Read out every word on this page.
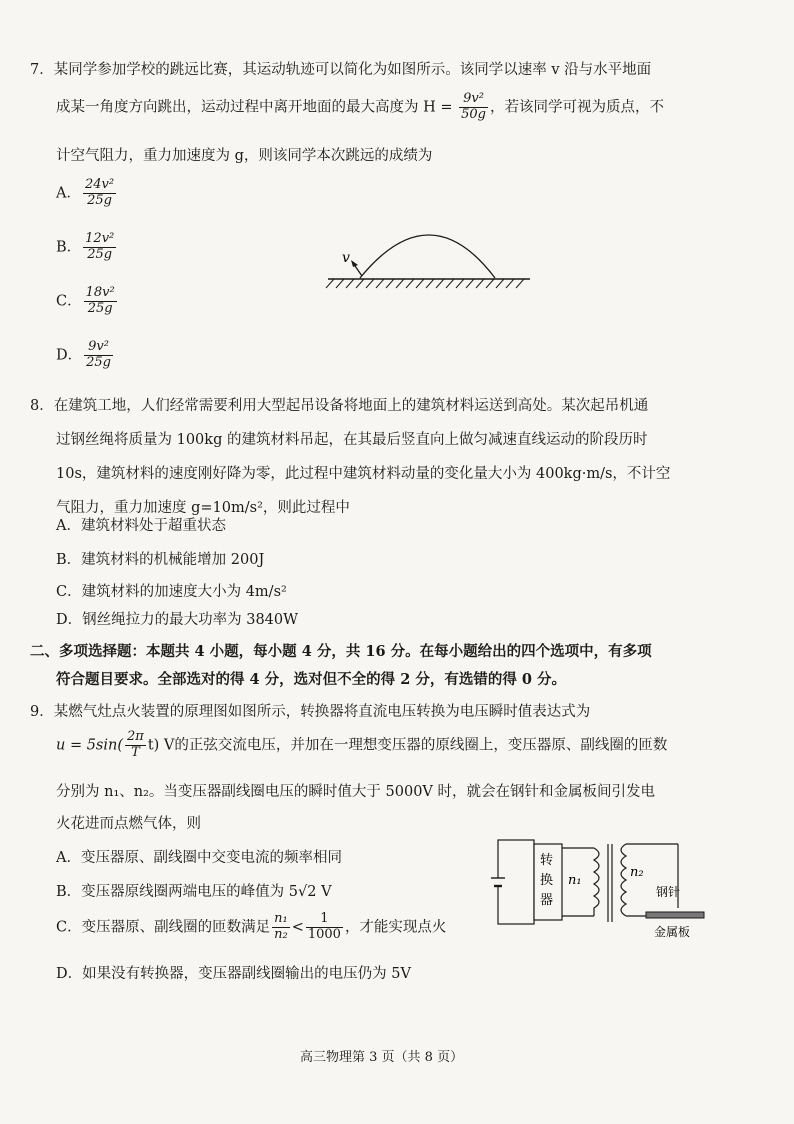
7．某同学参加学校的跳远比赛，其运动轨迹可以简化为如图所示。该同学以速率 v 沿与水平地面
成某一角度方向跳出，运动过程中离开地面的最大高度为 $H = \frac{\text{9v²}}{50g}$ ，若该同学可视为质点，不
计空气阻力，重力加速度为 g，则该同学本次跳远的成绩为
A． $\frac{\text{24v²}}{25g}$
B． $\frac{\text{12v²}}{25g}$
C． $\frac{\text{18v²}}{25g}$
D． $\frac{\text{9v²}}{25g}$
v
8．在建筑工地，人们经常需要利用大型起吊设备将地面上的建筑材料运送到高处。某次起吊机通
过钢丝绳将质量为 100kg 的建筑材料吊起，在其最后竖直向上做匀减速直线运动的阶段历时
10s，建筑材料的速度刚好降为零，此过程中建筑材料动量的变化量大小为 400kg·m/s，不计空
气阻力，重力加速度 g=10m/s²，则此过程中
A．建筑材料处于超重状态
B．建筑材料的机械能增加 200J
C．建筑材料的加速度大小为 4m/s²
D．钢丝绳拉力的最大功率为 3840W
二、多项选择题：本题共 4 小题，每小题 4 分，共 16 分。在每小题给出的四个选项中，有多项
符合题目要求。全部选对的得 4 分，选对但不全的得 2 分，有选错的得 0 分。
9．某燃气灶点火装置的原理图如图所示，转换器将直流电压转换为电压瞬时值表达式为
$u = 5\sin( \frac{2\pi}{T} t)$ V的正弦交流电压，并加在一理想变压器的原线圈上，变压器原、副线圈的匝数
分别为 n₁、n₂。当变压器副线圈电压的瞬时值大于 5000V 时，就会在钢针和金属板间引发电
火花进而点燃气体，则
A．变压器原、副线圈中交变电流的频率相同
B．变压器原线圈两端电压的峰值为 5√2 V
C．变压器原、副线圈的匝数满足 $\frac{\text{n₁}}{\text{n₂}} < \frac{1}{1000}$ ，才能实现点火
D．如果没有转换器，变压器副线圈输出的电压仍为 5V
转
换
器
n₁
n₂
钢针
金属板
高三物理第 3 页（共 8 页）
